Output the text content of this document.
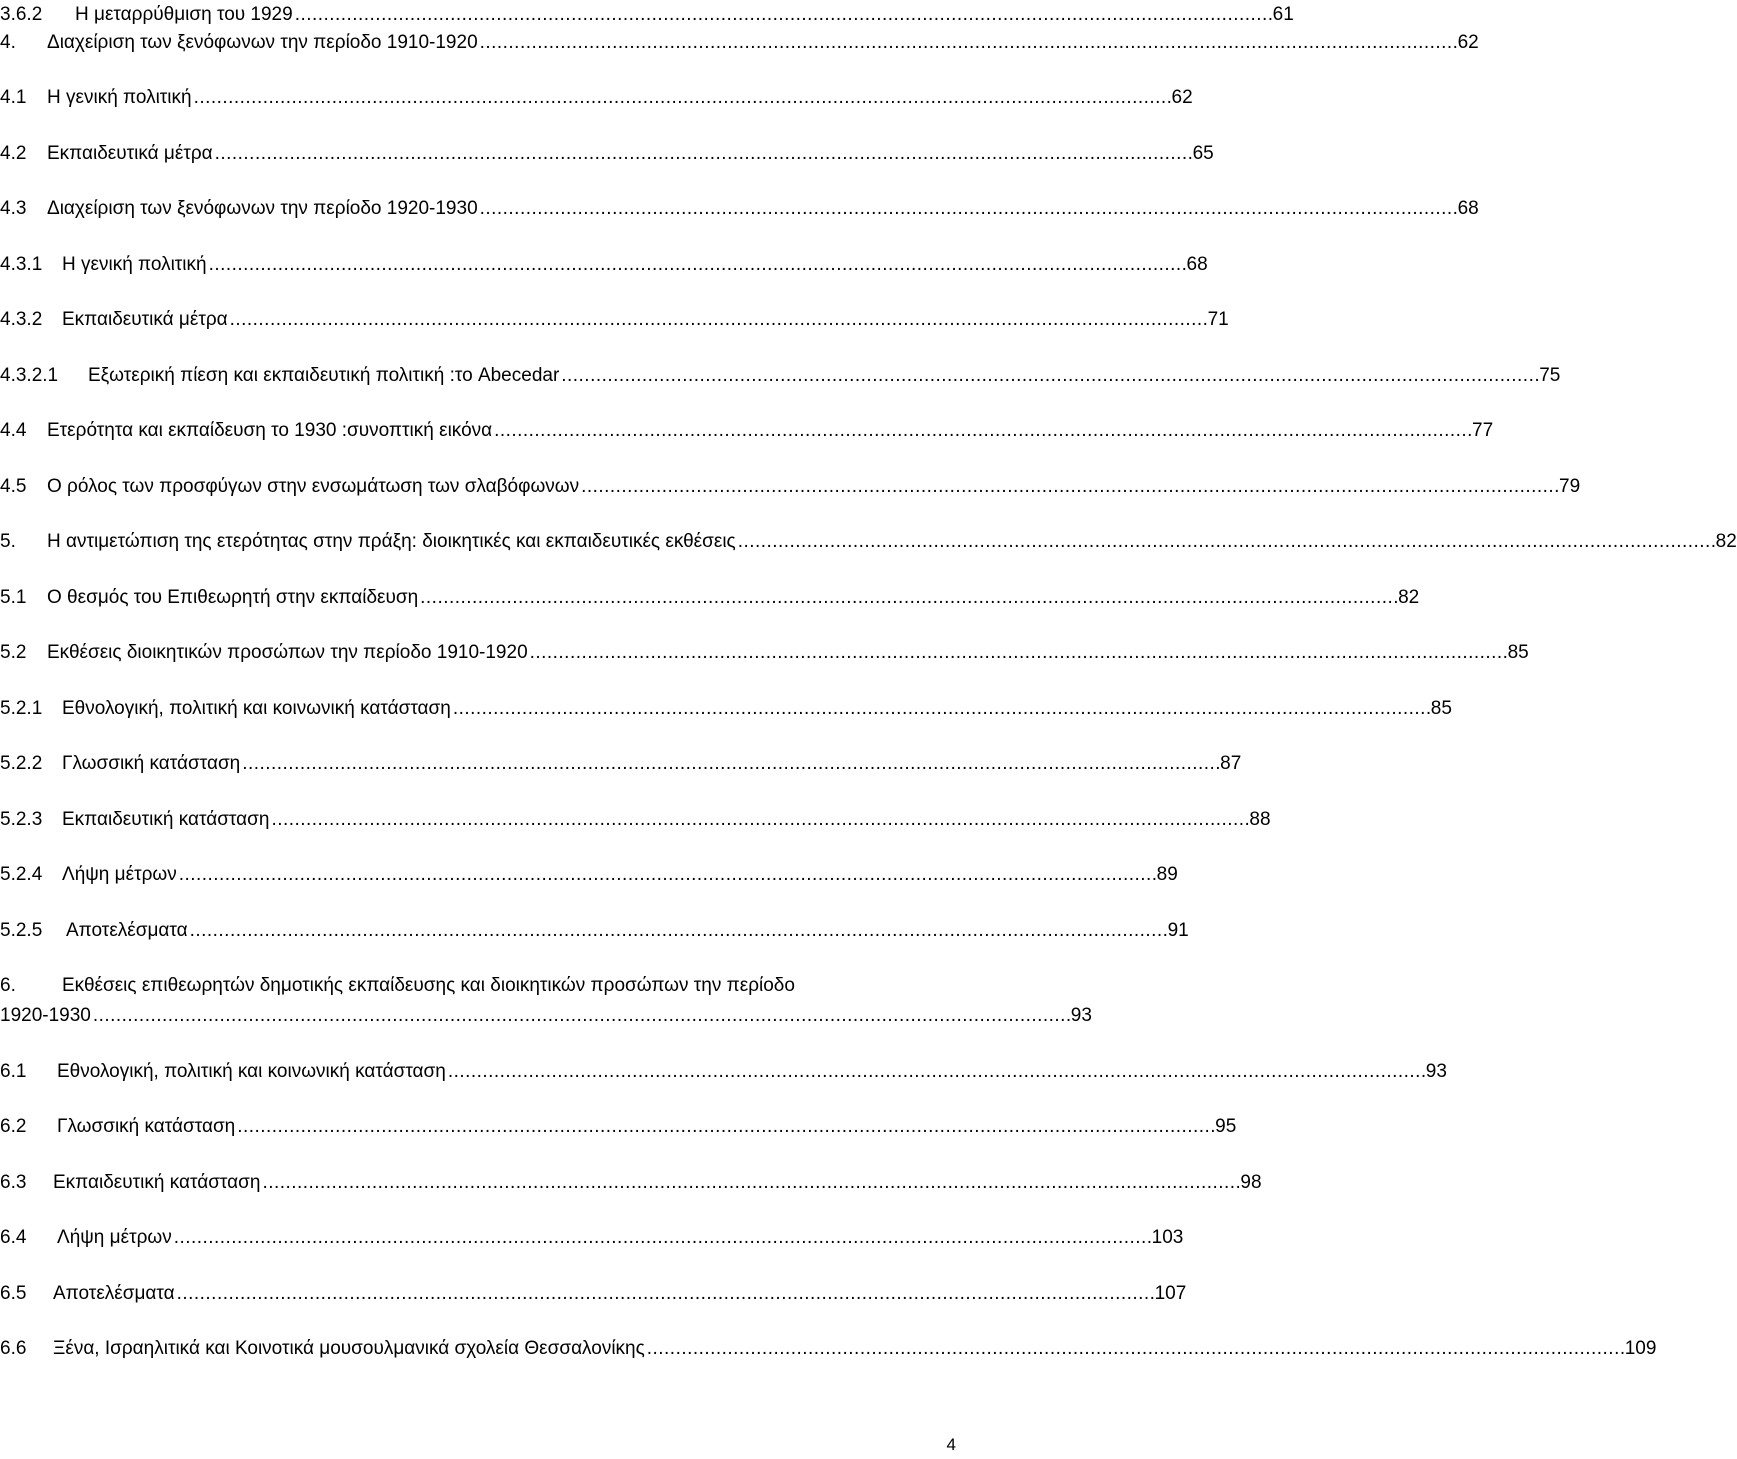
3.6.2	Η μεταρρύθμιση του 1929 . . .	61
4.	Διαχείριση των ξενόφωνων την περίοδο 1910-1920 . . .	62
4.1	Η γενική πολιτική . . .	62
4.2	Εκπαιδευτικά μέτρα . . .	65
4.3	Διαχείριση των ξενόφωνων την περίοδο 1920-1930 . . .	68
4.3.1	Η γενική πολιτική . . .	68
4.3.2	Εκπαιδευτικά μέτρα . . .	71
4.3.2.1	Εξωτερική πίεση και εκπαιδευτική πολιτική :το Abecedar . . .	75
4.4	Ετερότητα και εκπαίδευση το 1930 :συνοπτική εικόνα . . .	77
4.5	Ο ρόλος των προσφύγων στην ενσωμάτωση των σλαβόφωνων . . .	79
5.	Η αντιμετώπιση της ετερότητας στην πράξη: διοικητικές και εκπαιδευτικές εκθέσεις . . .	82
5.1	Ο θεσμός του Επιθεωρητή στην εκπαίδευση . . .	82
5.2	Εκθέσεις διοικητικών προσώπων την περίοδο 1910-1920 . . .	85
5.2.1	Εθνολογική, πολιτική και κοινωνική κατάσταση . . .	85
5.2.2	Γλωσσική κατάσταση . . .	87
5.2.3	Εκπαιδευτική κατάσταση . . .	88
5.2.4	Λήψη μέτρων . . .	89
5.2.5	Αποτελέσματα . . .	91
6.	Εκθέσεις επιθεωρητών δημοτικής εκπαίδευσης και διοικητικών προσώπων την περίοδο
1920-1930 . . .	93
6.1	Εθνολογική, πολιτική και κοινωνική κατάσταση . . .	93
6.2	Γλωσσική κατάσταση . . .	95
6.3	Εκπαιδευτική κατάσταση . . .	98
6.4	Λήψη μέτρων . . .	103
6.5	Αποτελέσματα . . .	107
6.6	Ξένα, Ισραηλιτικά και Κοινοτικά μουσουλμανικά σχολεία Θεσσαλονίκης . . .	109
4
